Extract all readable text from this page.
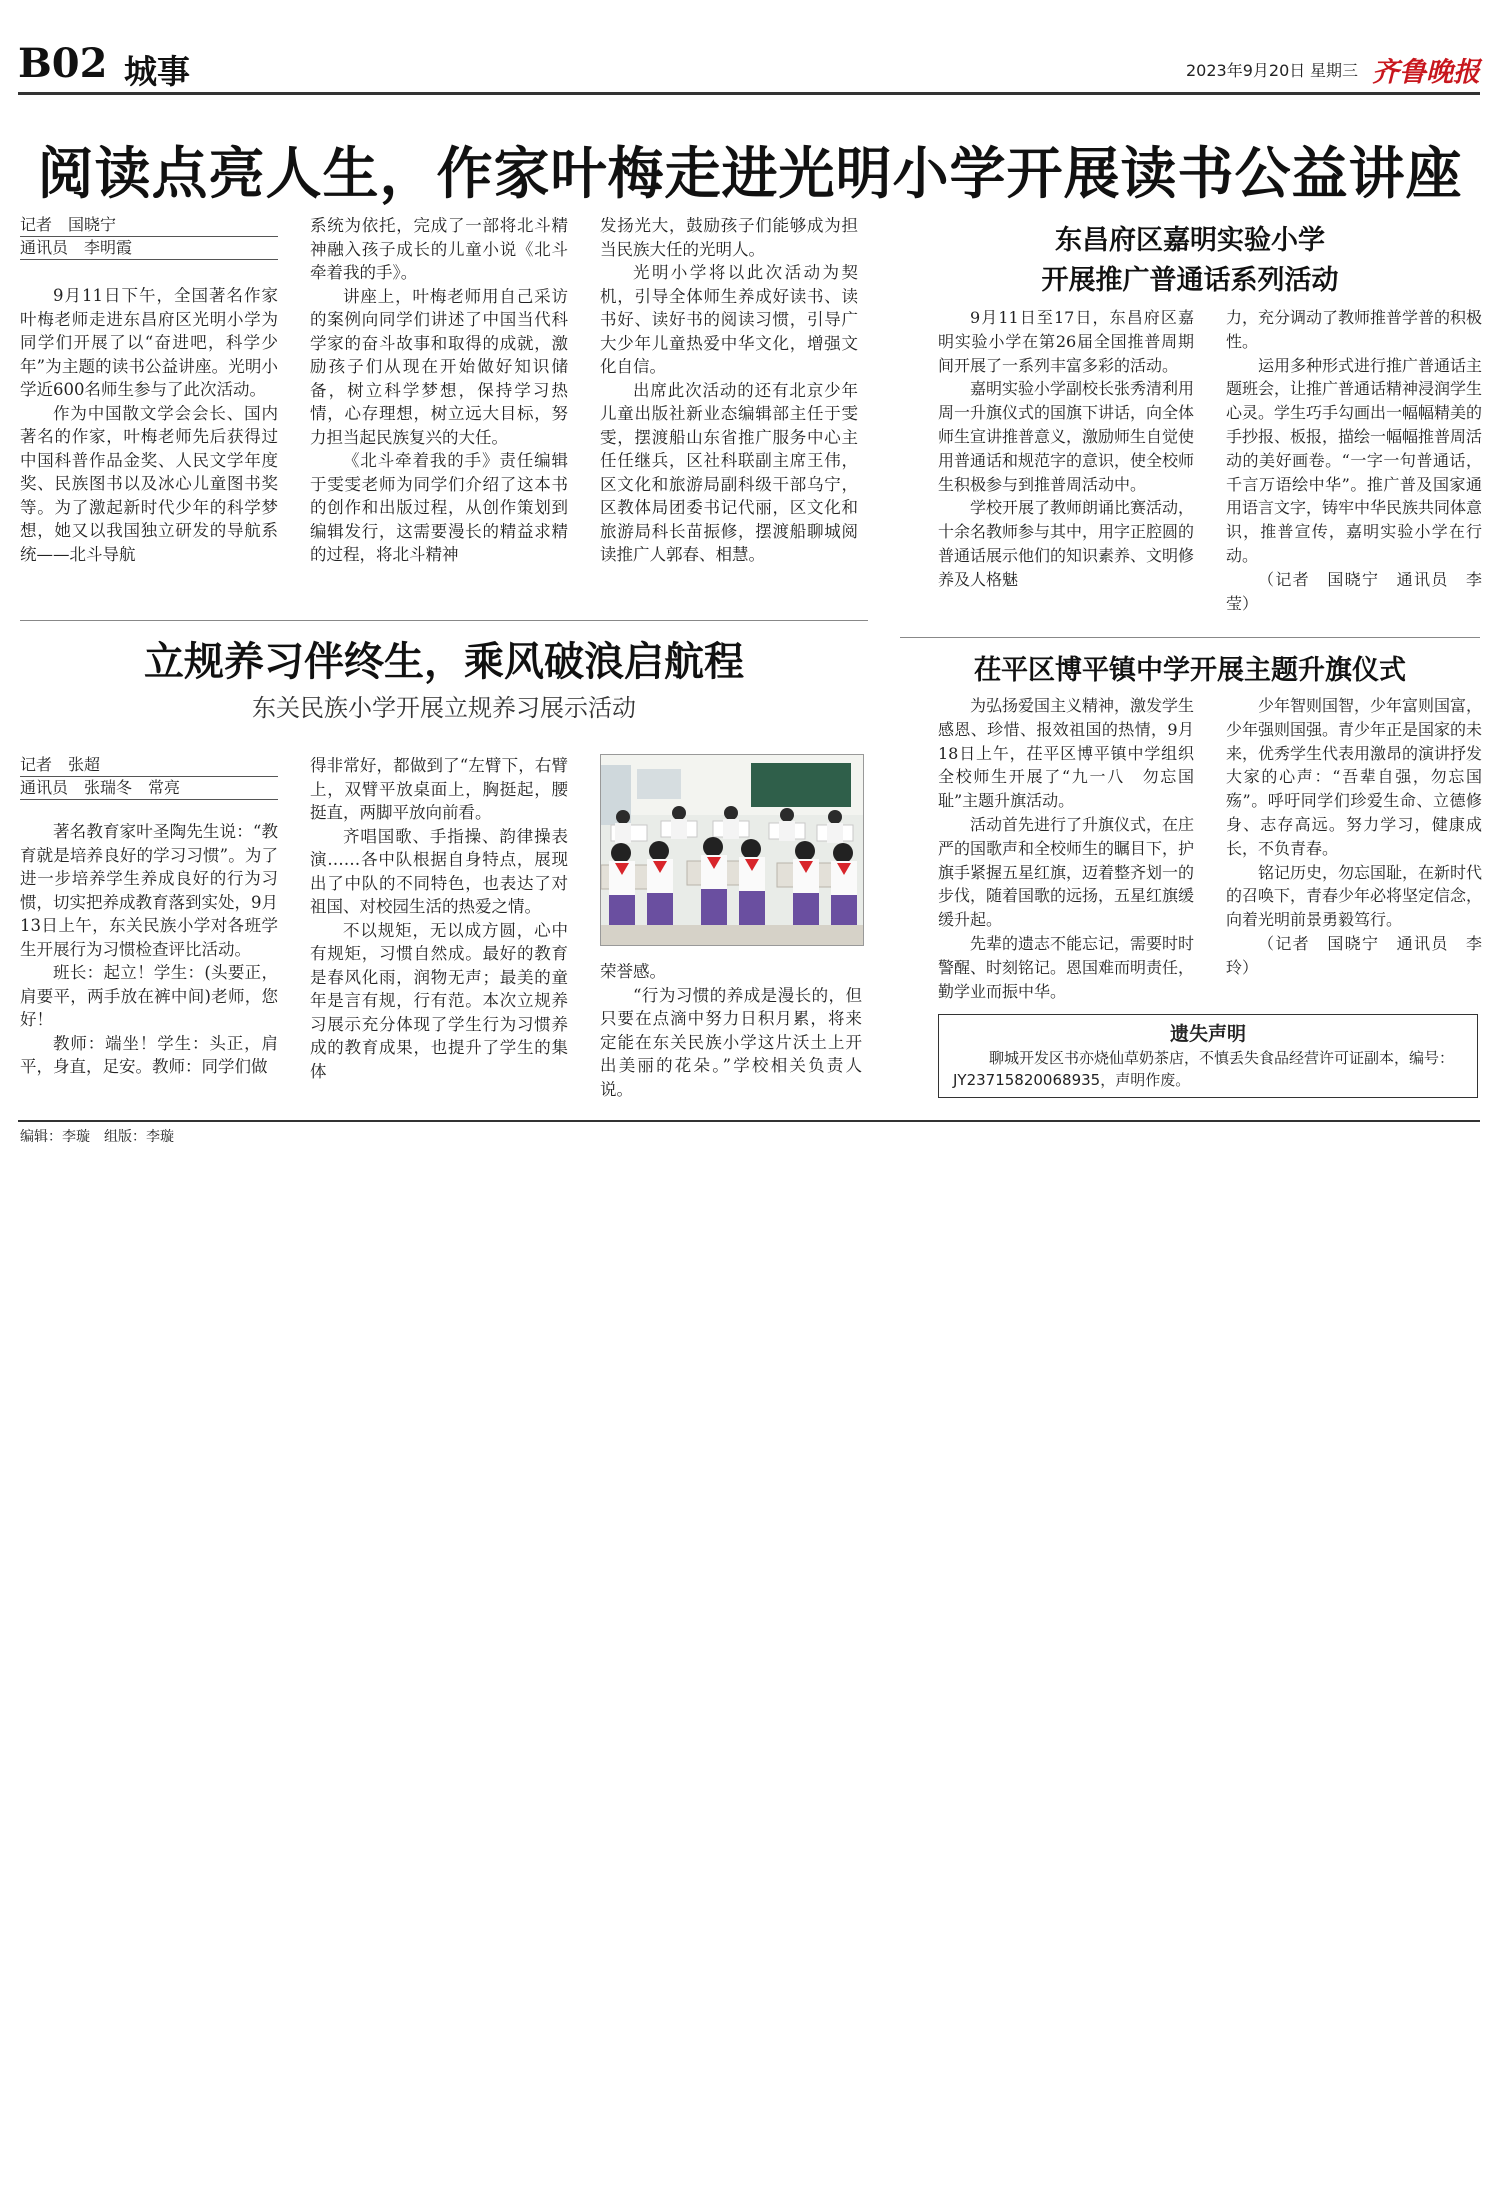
B02 城事	2023年9月20日 星期三 齐鲁晚报
阅读点亮人生，作家叶梅走进光明小学开展读书公益讲座
记者　国晓宁
通讯员　李明霞

9月11日下午，全国著名作家叶梅老师走进东昌府区光明小学为同学们开展了以“奋进吧，科学少年”为主题的读书公益讲座。光明小学近600名师生参与了此次活动。

作为中国散文学会会长、国内著名的作家，叶梅老师先后获得过中国科普作品金奖、人民文学年度奖、民族图书以及冰心儿童图书奖等。为了激起新时代少年的科学梦想，她又以我国独立研发的导航系统——北斗导航

系统为依托，完成了一部将北斗精神融入孩子成长的儿童小说《北斗牵着我的手》。

讲座上，叶梅老师用自己采访的案例向同学们讲述了中国当代科学家的奋斗故事和取得的成就，激励孩子们从现在开始做好知识储备，树立科学梦想，保持学习热情，心存理想，树立远大目标，努力担当起民族复兴的大任。

《北斗牵着我的手》责任编辑于雯雯老师为同学们介绍了这本书的创作和出版过程，从创作策划到编辑发行，这需要漫长的精益求精的过程，将北斗精神

发扬光大，鼓励孩子们能够成为担当民族大任的光明人。

光明小学将以此次活动为契机，引导全体师生养成好读书、读书好、读好书的阅读习惯，引导广大少年儿童热爱中华文化，增强文化自信。

出席此次活动的还有北京少年儿童出版社新业态编辑部主任于雯雯，摆渡船山东省推广服务中心主任任继兵，区社科联副主席王伟，区文化和旅游局副科级干部乌宁，区教体局团委书记代丽，区文化和旅游局科长苗振修，摆渡船聊城阅读推广人郭春、相慧。

东昌府区嘉明实验小学
开展推广普通话系列活动

9月11日至17日，东昌府区嘉明实验小学在第26届全国推普周期间开展了一系列丰富多彩的活动。

嘉明实验小学副校长张秀清利用周一升旗仪式的国旗下讲话，向全体师生宣讲推普意义，激励师生自觉使用普通话和规范字的意识，使全校师生积极参与到推普周活动中。

学校开展了教师朗诵比赛活动，十余名教师参与其中，用字正腔圆的普通话展示他们的知识素养、文明修养及人格魅

力，充分调动了教师推普学普的积极性。

运用多种形式进行推广普通话主题班会，让推广普通话精神浸润学生心灵。学生巧手勾画出一幅幅精美的手抄报、板报，描绘一幅幅推普周活动的美好画卷。“一字一句普通话，千言万语绘中华”。推广普及国家通用语言文字，铸牢中华民族共同体意识，推普宣传，嘉明实验小学在行动。

（记者　国晓宁　通讯员　李莹）

茌平区博平镇中学开展主题升旗仪式

为弘扬爱国主义精神，激发学生感恩、珍惜、报效祖国的热情，9月18日上午，茌平区博平镇中学组织全校师生开展了“九一八　勿忘国耻”主题升旗活动。

活动首先进行了升旗仪式，在庄严的国歌声和全校师生的瞩目下，护旗手紧握五星红旗，迈着整齐划一的步伐，随着国歌的远扬，五星红旗缓缓升起。

先辈的遗志不能忘记，需要时时警醒、时刻铭记。恩国难而明责任，勤学业而振中华。

少年智则国智，少年富则国富，少年强则国强。青少年正是国家的未来，优秀学生代表用激昂的演讲抒发大家的心声：“吾辈自强，勿忘国殇”。呼吁同学们珍爱生命、立德修身、志存高远。努力学习，健康成长，不负青春。

铭记历史，勿忘国耻，在新时代的召唤下，青春少年必将坚定信念，向着光明前景勇毅笃行。

（记者　国晓宁　通讯员　李玲）

遗失声明
聊城开发区书亦烧仙草奶茶店，不慎丢失食品经营许可证副本，编号：JY23715820068935，声明作废。
立规养习伴终生，乘风破浪启航程
东关民族小学开展立规养习展示活动
记者　张超
通讯员　张瑞冬　常亮

著名教育家叶圣陶先生说：“教育就是培养良好的学习习惯”。为了进一步培养学生养成良好的行为习惯，切实把养成教育落到实处，9月13日上午，东关民族小学对各班学生开展行为习惯检查评比活动。

班长：起立！学生：(头要正，肩要平，两手放在裤中间)老师，您好！

教师：端坐！学生：头正，肩平，身直，足安。教师：同学们做

得非常好，都做到了“左臂下，右臂上，双臂平放桌面上，胸挺起，腰挺直，两脚平放向前看。

齐唱国歌、手指操、韵律操表演……各中队根据自身特点，展现出了中队的不同特色，也表达了对祖国、对校园生活的热爱之情。

不以规矩，无以成方圆，心中有规矩，习惯自然成。最好的教育是春风化雨，润物无声；最美的童年是言有规，行有范。本次立规养习展示充分体现了学生行为习惯养成的教育成果，也提升了学生的集体

荣誉感。

“行为习惯的养成是漫长的，但只要在点滴中努力日积月累，将来定能在东关民族小学这片沃土上开出美丽的花朵。”学校相关负责人说。

编辑：李璇　组版：李璇
